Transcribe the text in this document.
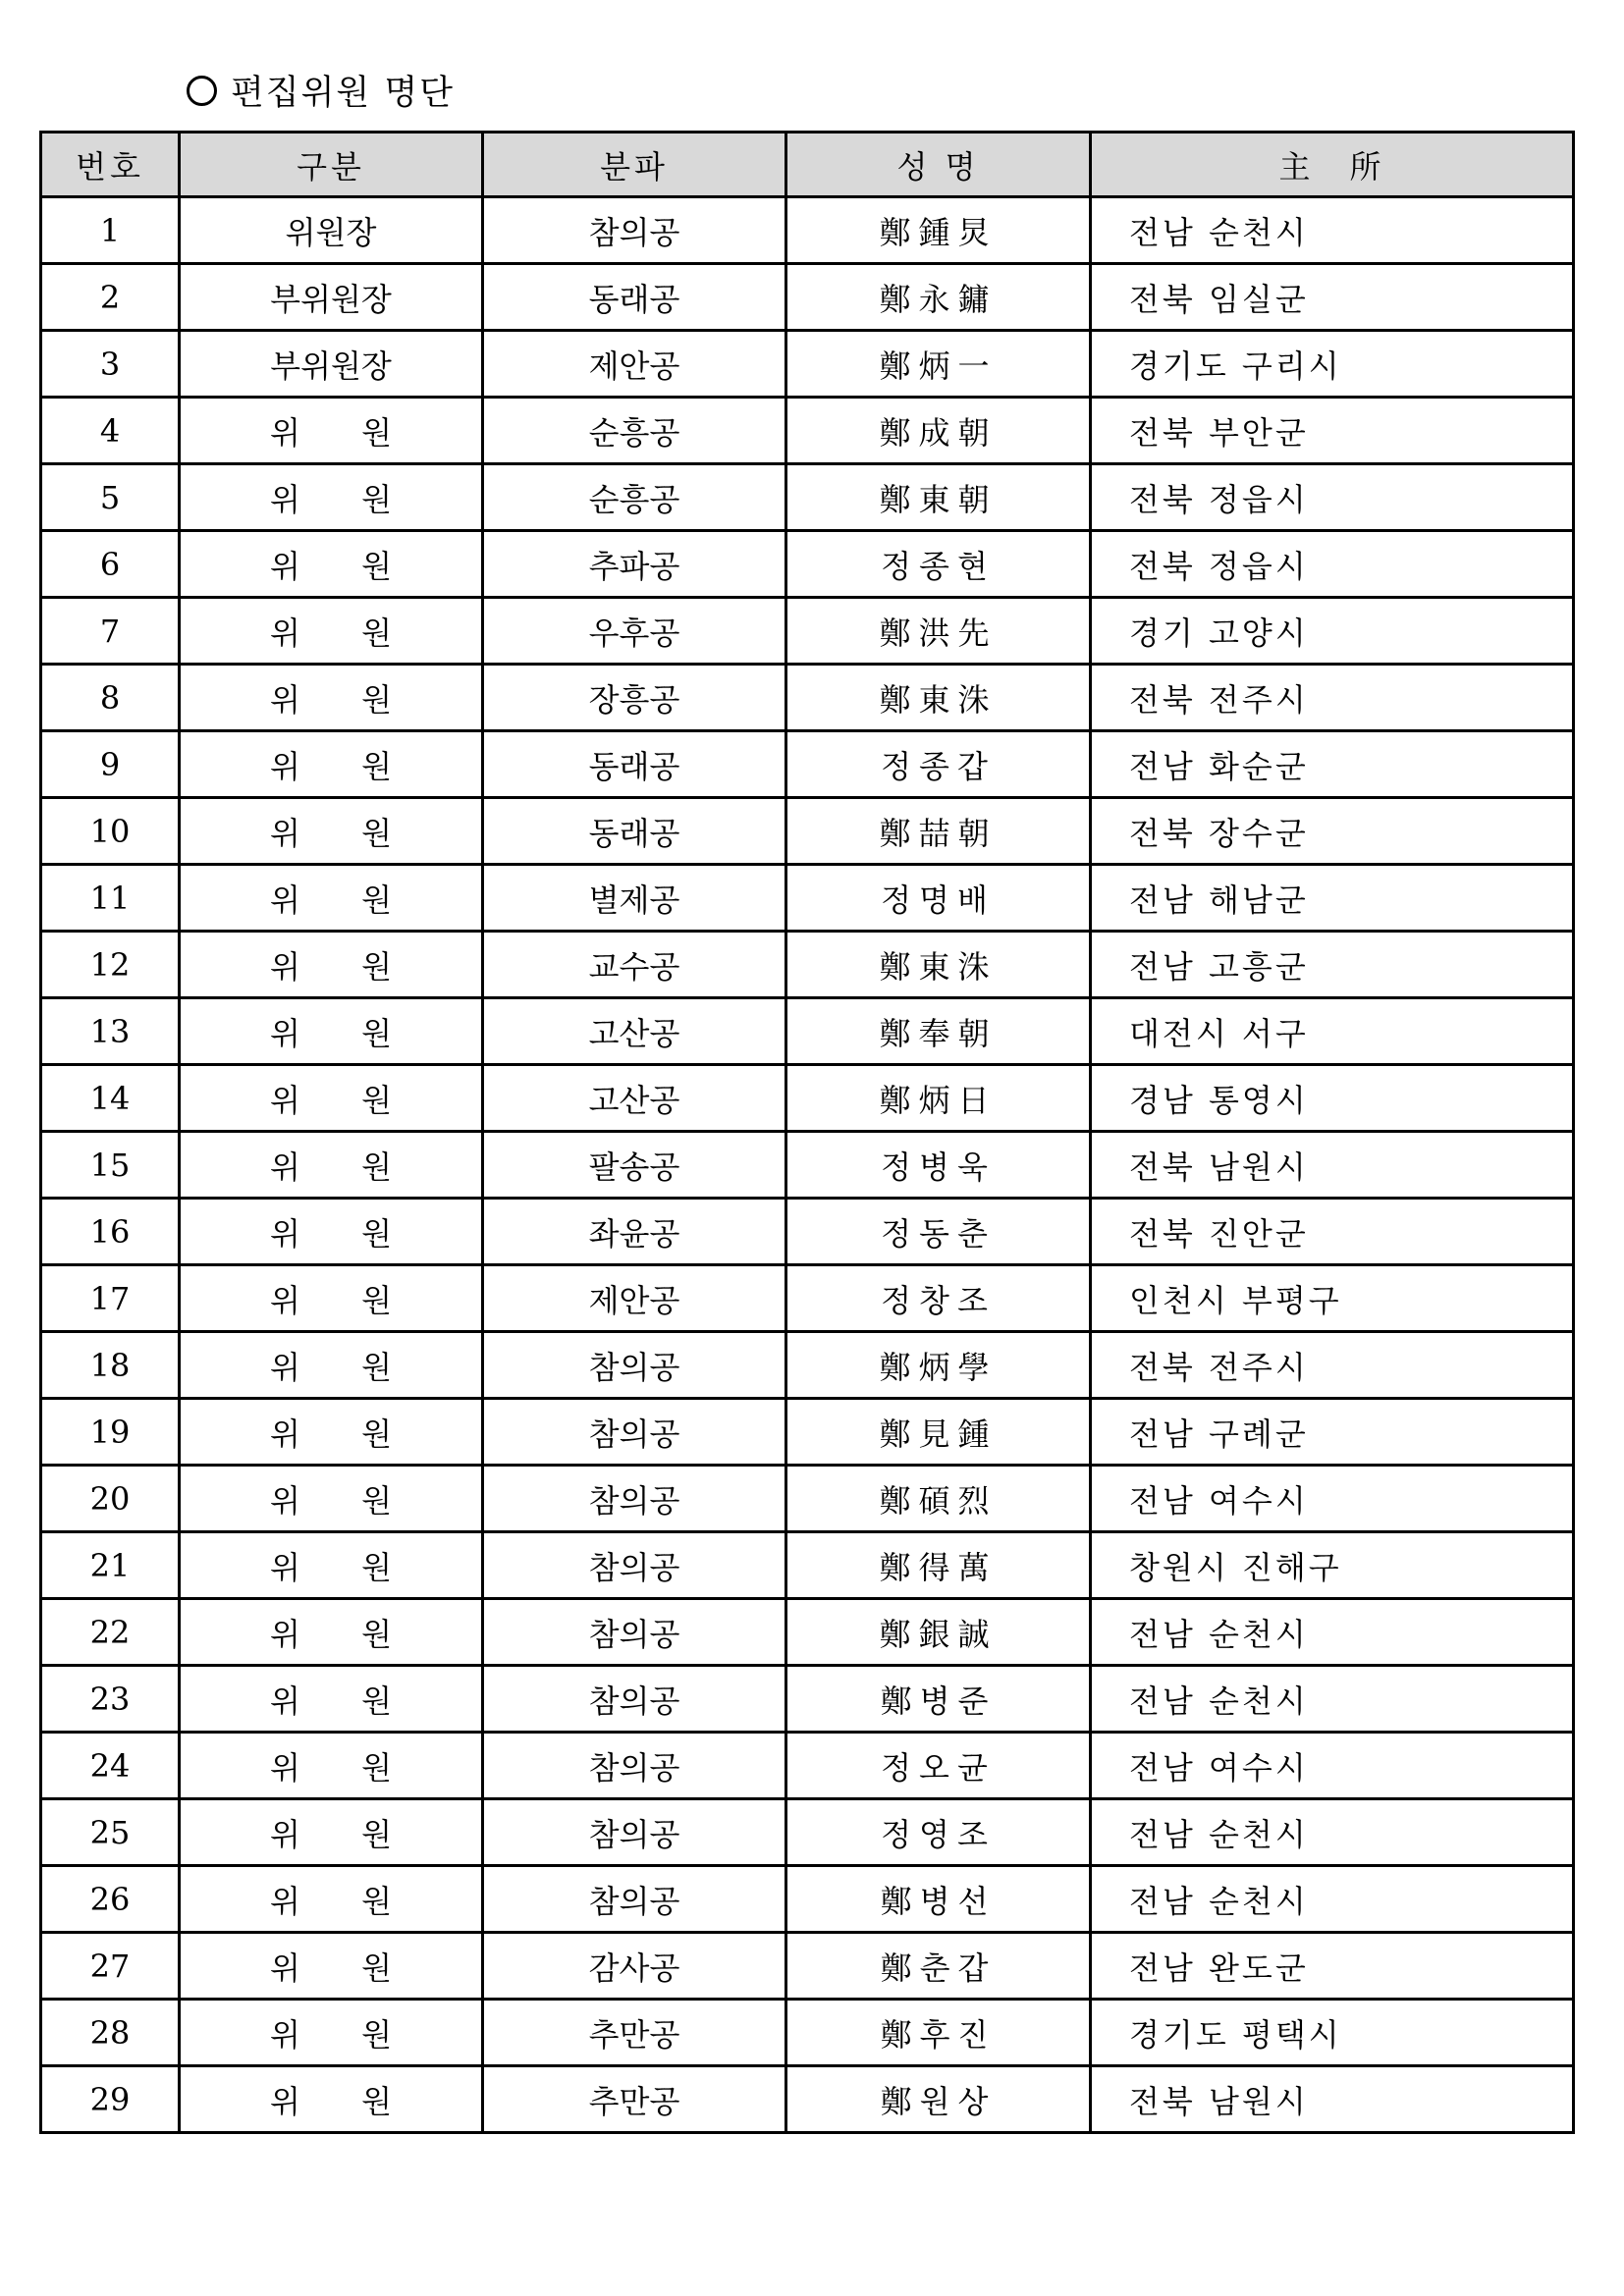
편집위원 명단
번호	구분	분파	성 명	主　所
1	위원장	참의공	鄭鍾炅	전남 순천시
2	부위원장	동래공	鄭永鏞	전북 임실군
3	부위원장	제안공	鄭炳一	경기도 구리시
4	위 원	순흥공	鄭成朝	전북 부안군
5	위 원	순흥공	鄭東朝	전북 정읍시
6	위 원	추파공	정종현	전북 정읍시
7	위 원	우후공	鄭洪先	경기 고양시
8	위 원	장흥공	鄭東洙	전북 전주시
9	위 원	동래공	정종갑	전남 화순군
10	위 원	동래공	鄭喆朝	전북 장수군
11	위 원	별제공	정명배	전남 해남군
12	위 원	교수공	鄭東洙	전남 고흥군
13	위 원	고산공	鄭奉朝	대전시 서구
14	위 원	고산공	鄭炳日	경남 통영시
15	위 원	팔송공	정병욱	전북 남원시
16	위 원	좌윤공	정동춘	전북 진안군
17	위 원	제안공	정창조	인천시 부평구
18	위 원	참의공	鄭炳學	전북 전주시
19	위 원	참의공	鄭見鍾	전남 구례군
20	위 원	참의공	鄭碩烈	전남 여수시
21	위 원	참의공	鄭得萬	창원시 진해구
22	위 원	참의공	鄭銀誠	전남 순천시
23	위 원	참의공	鄭병준	전남 순천시
24	위 원	참의공	정오균	전남 여수시
25	위 원	참의공	정영조	전남 순천시
26	위 원	참의공	鄭병선	전남 순천시
27	위 원	감사공	鄭춘갑	전남 완도군
28	위 원	추만공	鄭후진	경기도 평택시
29	위 원	추만공	鄭원상	전북 남원시
